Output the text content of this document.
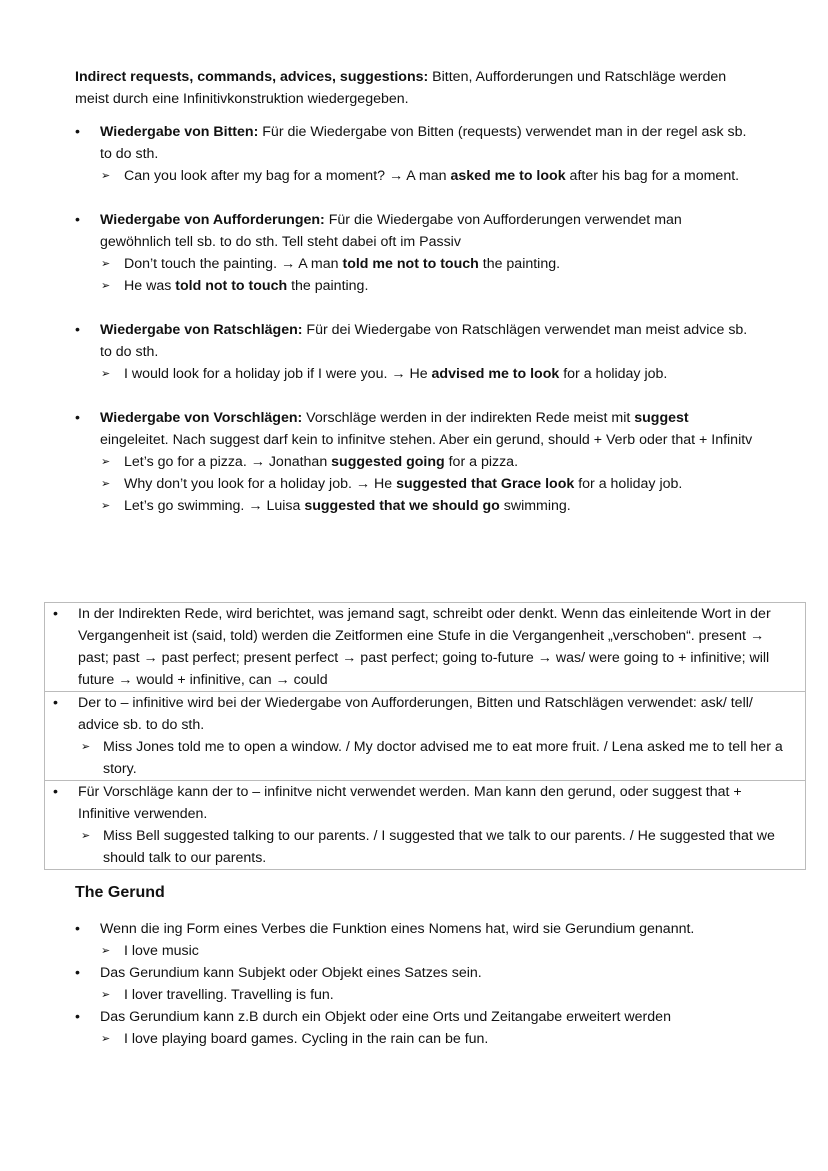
Indirect requests, commands, advices, suggestions: Bitten, Aufforderungen und Ratschläge werden meist durch eine Infinitivkonstruktion wiedergegeben.

• Wiedergabe von Bitten: Für die Wiedergabe von Bitten (requests) verwendet man in der regel ask sb. to do sth.
➢ Can you look after my bag for a moment? → A man asked me to look after his bag for a moment.
• Wiedergabe von Aufforderungen: Für die Wiedergabe von Aufforderungen verwendet man gewöhnlich tell sb. to do sth. Tell steht dabei oft im Passiv
➢ Don’t touch the painting. → A man told me not to touch the painting.
➢ He was told not to touch the painting.
• Wiedergabe von Ratschlägen: Für dei Wiedergabe von Ratschlägen verwendet man meist advice sb. to do sth.
➢ I would look for a holiday job if I were you. → He advised me to look for a holiday job.
• Wiedergabe von Vorschlägen: Vorschläge werden in der indirekten Rede meist mit suggest eingeleitet. Nach suggest darf kein to infinitve stehen. Aber ein gerund, should + Verb oder that + Infinitv
➢ Let’s go for a pizza. → Jonathan suggested going for a pizza.
➢ Why don’t you look for a holiday job. → He suggested that Grace look for a holiday job.
➢ Let’s go swimming. → Luisa suggested that we should go swimming.
• In der Indirekten Rede, wird berichtet, was jemand sagt, schreibt oder denkt. Wenn das einleitende Wort in der Vergangenheit ist (said, told) werden die Zeitformen eine Stufe in die Vergangenheit „verschoben“. present → past; past → past perfect; present perfect → past perfect; going to-future → was/ were going to + infinitive; will future → would + infinitive, can → could
• Der to – infinitive wird bei der Wiedergabe von Aufforderungen, Bitten und Ratschlägen verwendet: ask/ tell/ advice sb. to do sth.
➢ Miss Jones told me to open a window. / My doctor advised me to eat more fruit. / Lena asked me to tell her a story.
• Für Vorschläge kann der to – infinitve nicht verwendet werden. Man kann den gerund, oder suggest that + Infinitive verwenden.
➢ Miss Bell suggested talking to our parents. / I suggested that we talk to our parents. / He suggested that we should talk to our parents.
The Gerund
• Wenn die ing Form eines Verbes die Funktion eines Nomens hat, wird sie Gerundium genannt.
➢ I love music
• Das Gerundium kann Subjekt oder Objekt eines Satzes sein.
➢ I lover travelling. Travelling is fun.
• Das Gerundium kann z.B durch ein Objekt oder eine Orts und Zeitangabe erweitert werden
➢ I love playing board games. Cycling in the rain can be fun.
